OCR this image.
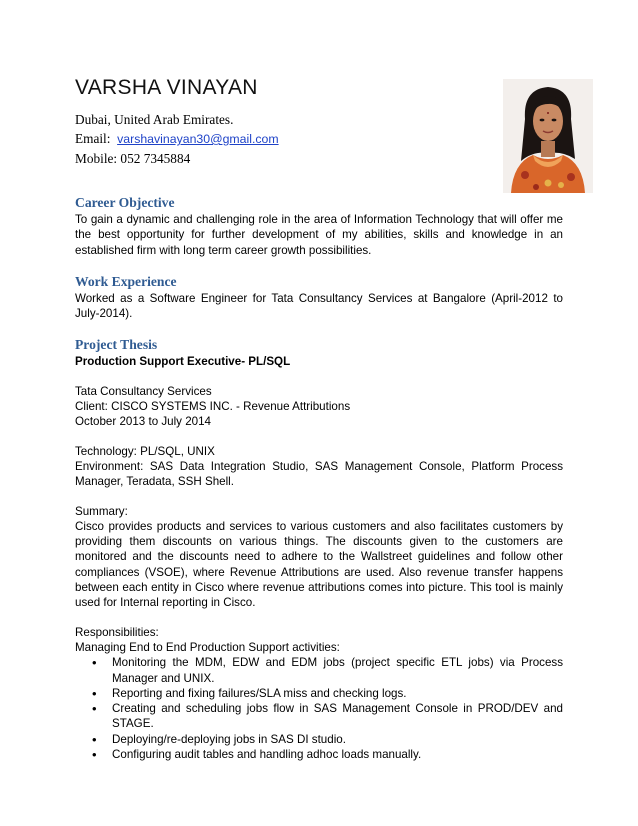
VARSHA VINAYAN
Dubai, United Arab Emirates.
Email: varshavinayan30@gmail.com
Mobile: 052 7345884
Career Objective

To gain a dynamic and challenging role in the area of Information Technology that will offer me the best opportunity for further development of my abilities, skills and knowledge in an established firm with long term career growth possibilities.

Work Experience

Worked as a Software Engineer for Tata Consultancy Services at Bangalore (April-2012 to July-2014).

Project Thesis

Production Support Executive- PL/SQL

Tata Consultancy Services

Client: CISCO SYSTEMS INC. - Revenue Attributions

October 2013 to July 2014

Technology: PL/SQL, UNIX

Environment: SAS Data Integration Studio, SAS Management Console, Platform Process Manager, Teradata, SSH Shell.

Summary:

Cisco provides products and services to various customers and also facilitates customers by providing them discounts on various things. The discounts given to the customers are monitored and the discounts need to adhere to the Wallstreet guidelines and follow other compliances (VSOE), where Revenue Attributions are used. Also revenue transfer happens between each entity in Cisco where revenue attributions comes into picture. This tool is mainly used for Internal reporting in Cisco.

Responsibilities:

Managing End to End Production Support activities:

• Monitoring the MDM, EDW and EDM jobs (project specific ETL jobs) via Process Manager and UNIX.
• Reporting and fixing failures/SLA miss and checking logs.
• Creating and scheduling jobs flow in SAS Management Console in PROD/DEV and STAGE.
• Deploying/re-deploying jobs in SAS DI studio.
• Configuring audit tables and handling adhoc loads manually.
